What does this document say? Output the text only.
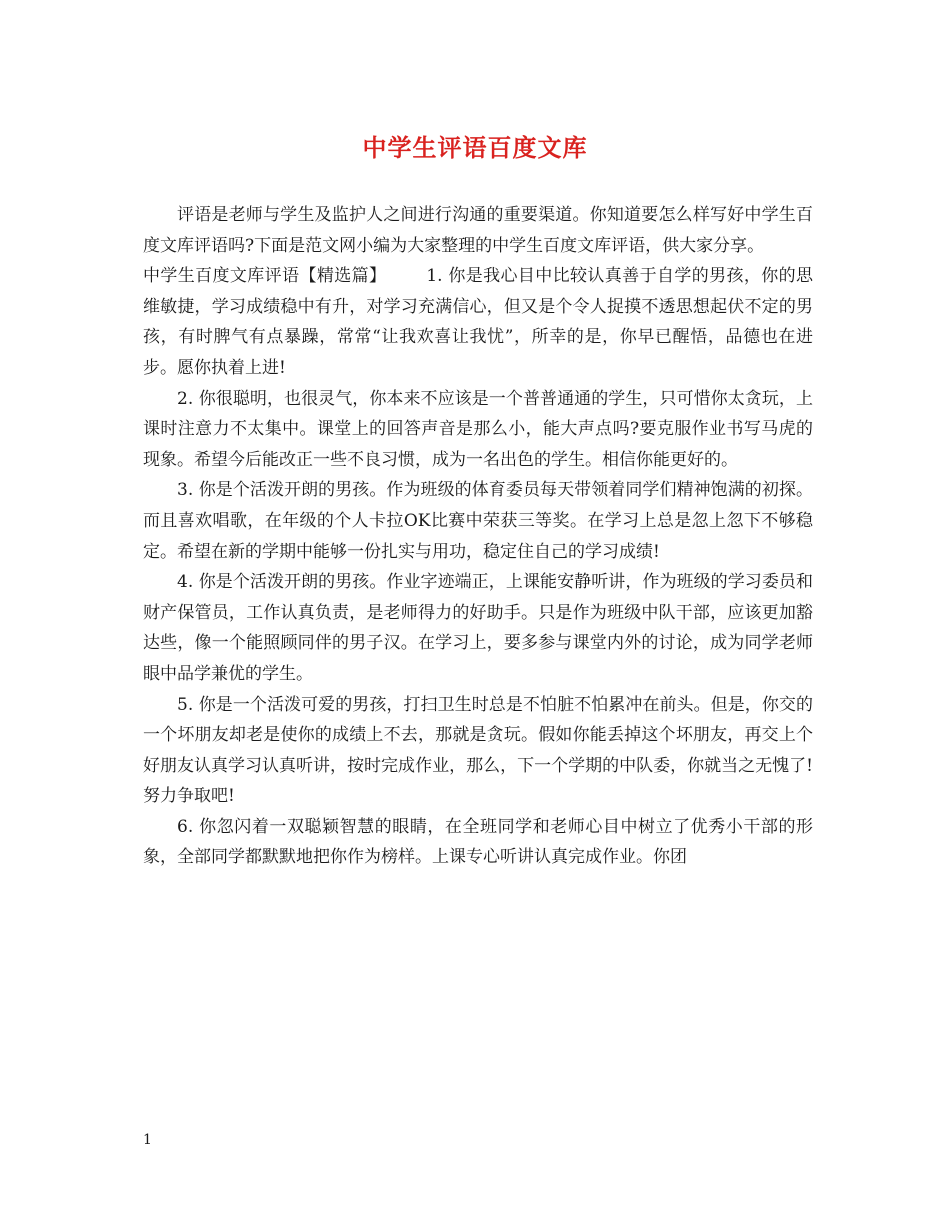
中学生评语百度文库

评语是老师与学生及监护人之间进行沟通的重要渠道。你知道要怎么样写好中学生百度文库评语吗?下面是范文网小编为大家整理的中学生百度文库评语，供大家分享。

中学生百度文库评语【精选篇】 1. 你是我心目中比较认真善于自学的男孩，你的思维敏捷，学习成绩稳中有升，对学习充满信心，但又是个令人捉摸不透思想起伏不定的男孩，有时脾气有点暴躁，常常“让我欢喜让我忧”，所幸的是，你早已醒悟，品德也在进步。愿你执着上进!

2. 你很聪明，也很灵气，你本来不应该是一个普普通通的学生，只可惜你太贪玩，上课时注意力不太集中。课堂上的回答声音是那么小，能大声点吗?要克服作业书写马虎的现象。希望今后能改正一些不良习惯，成为一名出色的学生。相信你能更好的。

3. 你是个活泼开朗的男孩。作为班级的体育委员每天带领着同学们精神饱满的初探。而且喜欢唱歌，在年级的个人卡拉OK比赛中荣获三等奖。在学习上总是忽上忽下不够稳定。希望在新的学期中能够一份扎实与用功，稳定住自己的学习成绩!

4. 你是个活泼开朗的男孩。作业字迹端正，上课能安静听讲，作为班级的学习委员和财产保管员，工作认真负责，是老师得力的好助手。只是作为班级中队干部，应该更加豁达些，像一个能照顾同伴的男子汉。在学习上，要多参与课堂内外的讨论，成为同学老师眼中品学兼优的学生。

5. 你是一个活泼可爱的男孩，打扫卫生时总是不怕脏不怕累冲在前头。但是，你交的一个坏朋友却老是使你的成绩上不去，那就是贪玩。假如你能丢掉这个坏朋友，再交上个好朋友认真学习认真听讲，按时完成作业，那么，下一个学期的中队委，你就当之无愧了!努力争取吧!

6. 你忽闪着一双聪颖智慧的眼睛，在全班同学和老师心目中树立了优秀小干部的形象，全部同学都默默地把你作为榜样。上课专心听讲认真完成作业。你团

1
